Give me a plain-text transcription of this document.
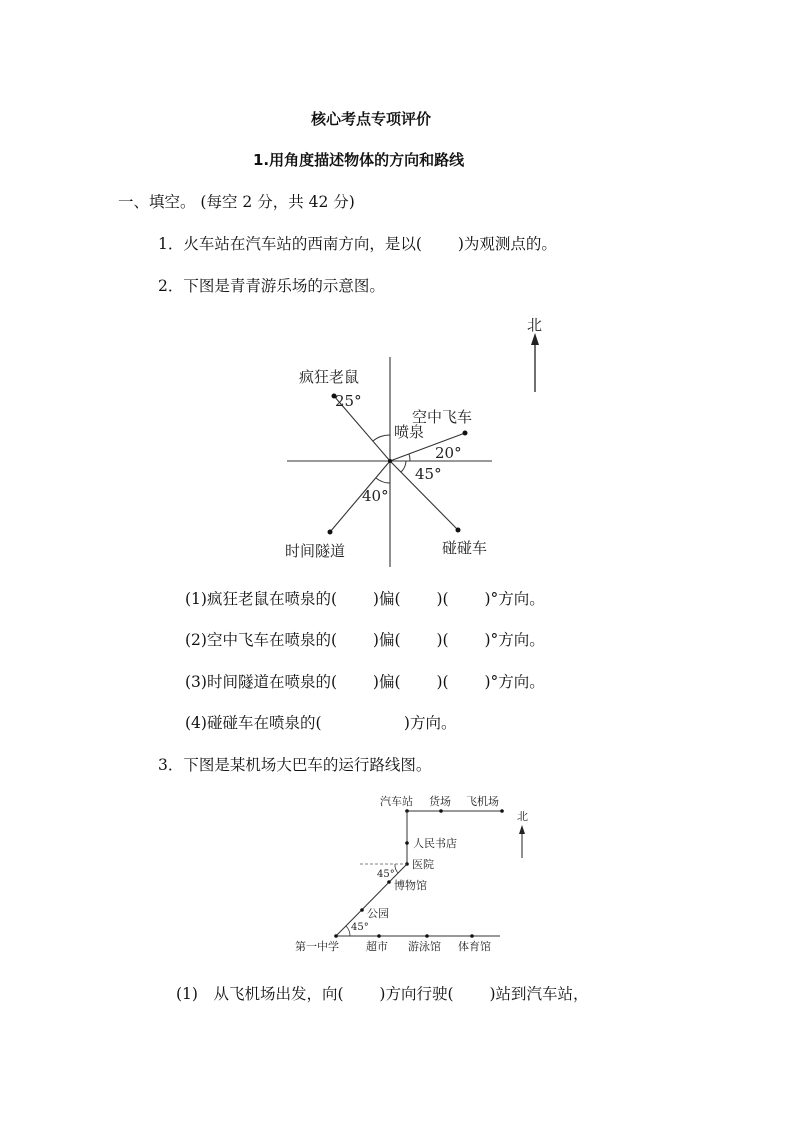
核心考点专项评价
1.用角度描述物体的方向和路线
一、填空。 (每空 2 分，共 42 分)
1．火车站在汽车站的西南方向，是以(　　 )为观测点的。
2．下图是青青游乐场的示意图。
北
疯狂老鼠
空中飞车
喷泉
时间隧道	碰碰车
25°
20°
45°
40°
(1)疯狂老鼠在喷泉的(　　 )偏(　　 )(　　 )°方向。
(2)空中飞车在喷泉的(　　 )偏(　　 )(　　 )°方向。
(3)时间隧道在喷泉的(　　 )偏(　　 )(　　 )°方向。
(4)碰碰车在喷泉的(　　　　　 )方向。
3．下图是某机场大巴车的运行路线图。
北
汽车站 货场 飞机场
人民书店
医院
博物馆
公园
45°
45°
第一中学 超市 游泳馆 体育馆
(1)　从飞机场出发，向(　　 )方向行驶(　　 )站到汽车站，
